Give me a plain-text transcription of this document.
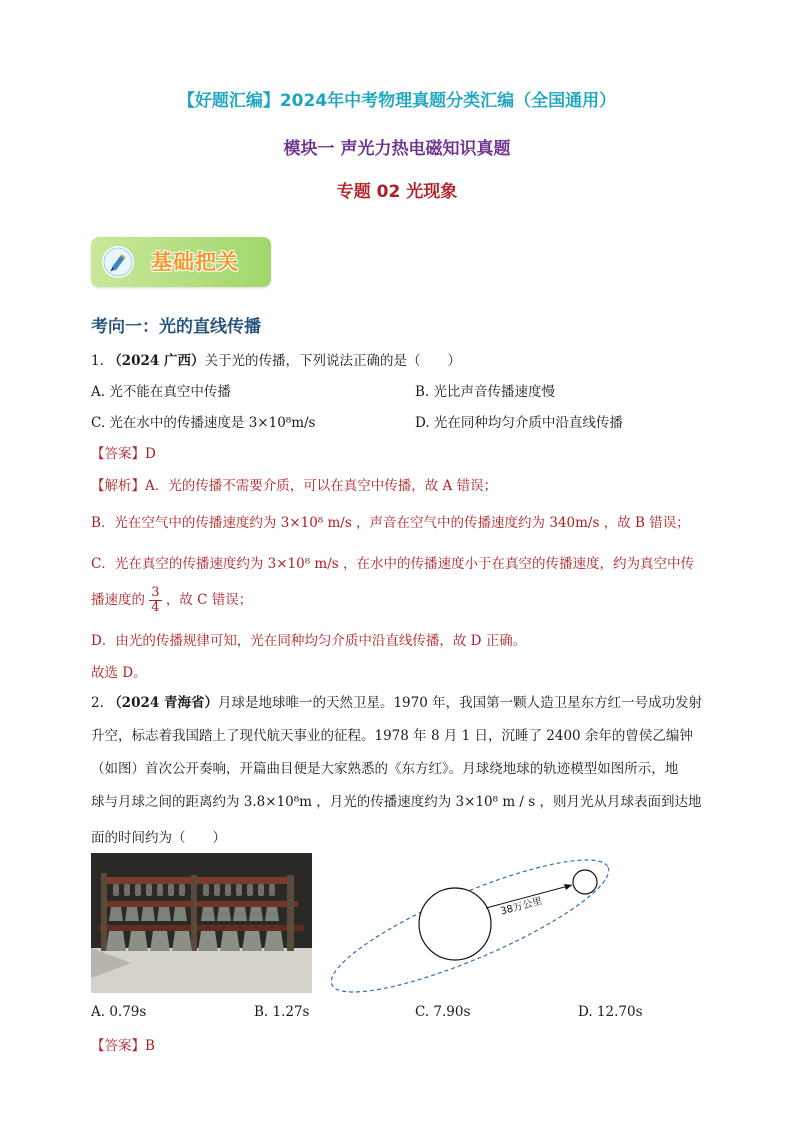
【好题汇编】2024年中考物理真题分类汇编（全国通用）
模块一 声光力热电磁知识真题
专题 02 光现象
基础把关
考向一：光的直线传播
1. （2024 广西）关于光的传播，下列说法正确的是（　　）
A. 光不能在真空中传播	B. 光比声音传播速度慢
C. 光在水中的传播速度是 3×10⁸m/s	D. 光在同种均匀介质中沿直线传播
【答案】D
【解析】A．光的传播不需要介质，可以在真空中传播，故 A 错误；
B．光在空气中的传播速度约为 3×10⁸ m/s ，声音在空气中的传播速度约为 340m/s ，故 B 错误；
C．光在真空的传播速度约为 3×10⁸ m/s ，在水中的传播速度小于在真空的传播速度，约为真空中传
播速度的 $\frac{3}{4}$ ，故 C 错误；
D．由光的传播规律可知，光在同种均匀介质中沿直线传播，故 D 正确。
故选 D。
2. （2024 青海省）月球是地球唯一的天然卫星。1970 年，我国第一颗人造卫星东方红一号成功发射
升空，标志着我国踏上了现代航天事业的征程。1978 年 8 月 1 日，沉睡了 2400 余年的曾侯乙编钟
（如图）首次公开奏响，开篇曲目便是大家熟悉的《东方红》。月球绕地球的轨迹模型如图所示，地
球与月球之间的距离约为 3.8×10⁸m ，月光的传播速度约为 3×10⁸ m / s ，则月光从月球表面到达地
面的时间约为（　　）
38万公里
A. 0.79s	B. 1.27s	C. 7.90s	D. 12.70s
【答案】B
